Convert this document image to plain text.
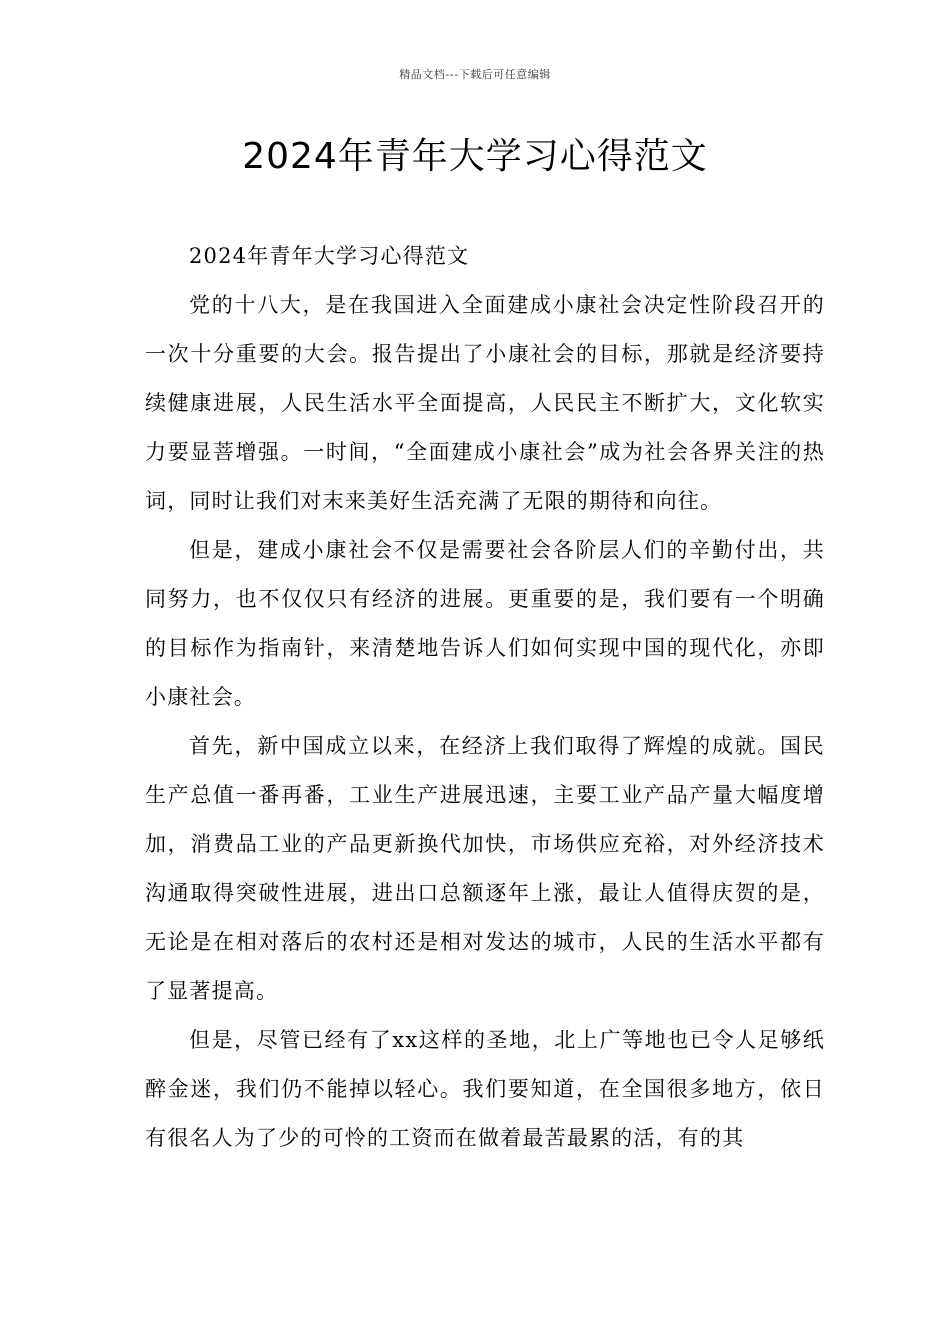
精品文档---下载后可任意编辑
2024年青年大学习心得范文

2024年青年大学习心得范文

党的十八大，是在我国进入全面建成小康社会决定性阶段召开的一次十分重要的大会。报告提出了小康社会的目标，那就是经济要持续健康进展，人民生活水平全面提高，人民民主不断扩大，文化软实力要显菩增强。一时间，“全面建成小康社会”成为社会各界关注的热词，同时让我们对末来美好生活充满了无限的期待和向往。

但是，建成小康社会不仅是需要社会各阶层人们的辛勤付出，共同努力，也不仅仅只有经济的进展。更重要的是，我们要有一个明确的目标作为指南针，来清楚地告诉人们如何实现中国的现代化，亦即小康社会。

首先，新中国成立以来，在经济上我们取得了辉煌的成就。国民生产总值一番再番，工业生产进展迅速，主要工业产品产量大幅度增加，消费品工业的产品更新换代加快，市场供应充裕，对外经济技术沟通取得突破性进展，进出口总额逐年上涨，最让人值得庆贺的是，无论是在相对落后的农村还是相对发达的城市，人民的生活水平都有了显著提高。

但是，尽管已经有了xx这样的圣地，北上广等地也已令人足够纸醉金迷，我们仍不能掉以轻心。我们要知道，在全国很多地方，依日有很名人为了少的可怜的工资而在做着最苦最累的活，有的其
